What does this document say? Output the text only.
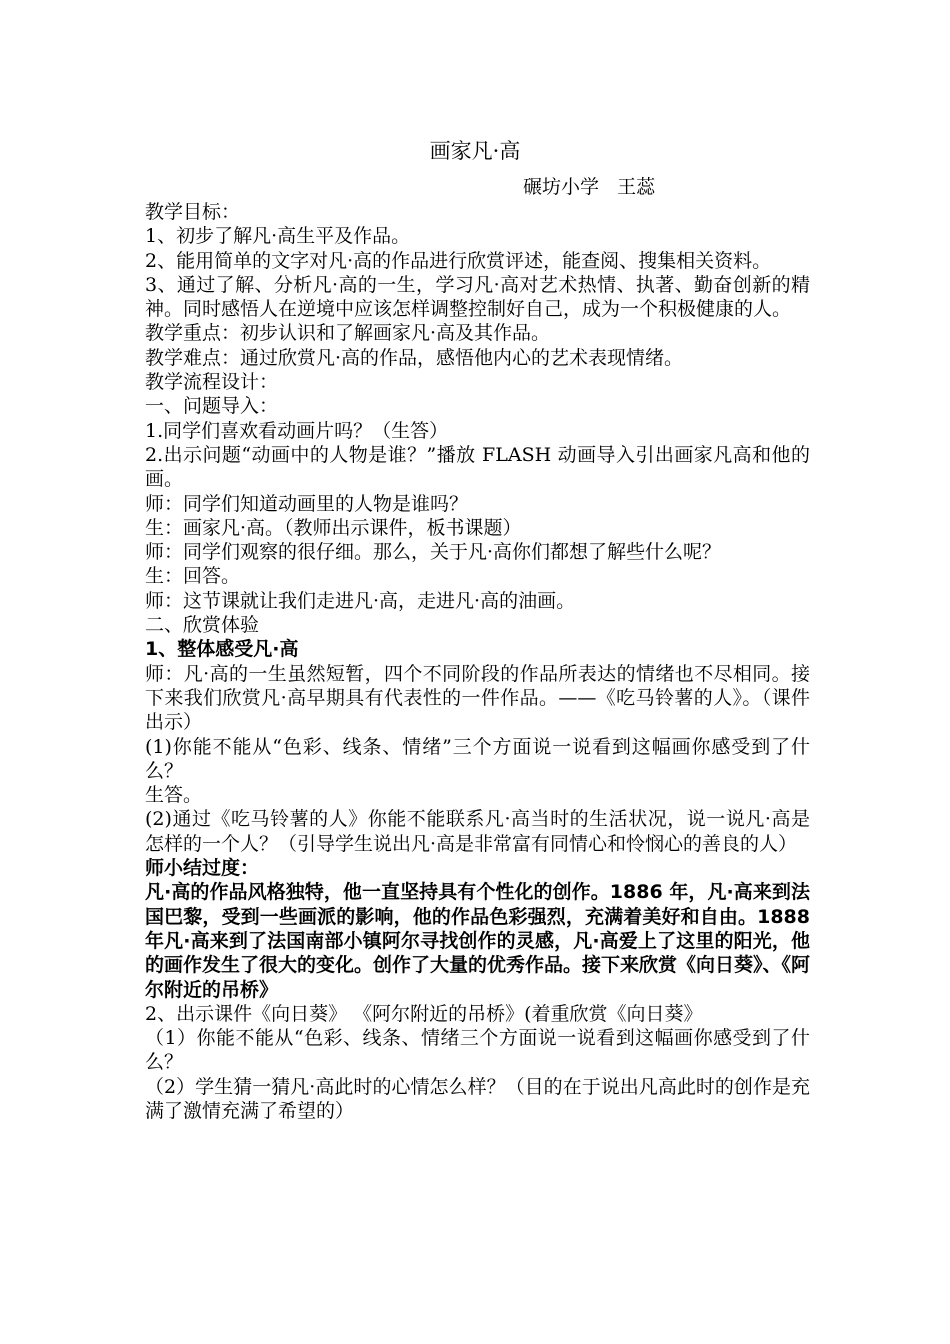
画家凡·高
碾坊小学   王蕊

教学目标：

1、初步了解凡·高生平及作品。

2、能用简单的文字对凡·高的作品进行欣赏评述，能查阅、搜集相关资料。

3、通过了解、分析凡·高的一生，学习凡·高对艺术热情、执著、勤奋创新的精神。同时感悟人在逆境中应该怎样调整控制好自己，成为一个积极健康的人。

教学重点：初步认识和了解画家凡·高及其作品。

教学难点：通过欣赏凡·高的作品，感悟他内心的艺术表现情绪。

教学流程设计：

一、问题导入：

1.同学们喜欢看动画片吗？（生答）

2.出示问题“动画中的人物是谁？”播放 FLASH 动画导入引出画家凡高和他的画。

师：同学们知道动画里的人物是谁吗？

生：画家凡·高。（教师出示课件，板书课题）

师：同学们观察的很仔细。那么，关于凡·高你们都想了解些什么呢？

生：回答。

师：这节课就让我们走进凡·高，走进凡·高的油画。

二、欣赏体验

1、整体感受凡·高

师：凡·高的一生虽然短暂，四个不同阶段的作品所表达的情绪也不尽相同。接下来我们欣赏凡·高早期具有代表性的一件作品。——《吃马铃薯的人》。（课件出示）

(1)你能不能从“色彩、线条、情绪”三个方面说一说看到这幅画你感受到了什么？

生答。

(2)通过《吃马铃薯的人》你能不能联系凡·高当时的生活状况，说一说凡·高是怎样的一个人？（引导学生说出凡·高是非常富有同情心和怜悯心的善良的人）

师小结过度：

凡·高的作品风格独特，他一直坚持具有个性化的创作。1886 年，凡·高来到法国巴黎，受到一些画派的影响，他的作品色彩强烈，充满着美好和自由。1888 年凡·高来到了法国南部小镇阿尔寻找创作的灵感，凡·高爱上了这里的阳光，他的画作发生了很大的变化。创作了大量的优秀作品。接下来欣赏《向日葵》、《阿尔附近的吊桥》

2、出示课件《向日葵》 《阿尔附近的吊桥》(着重欣赏《向日葵》

（1）你能不能从“色彩、线条、情绪三个方面说一说看到这幅画你感受到了什么？

（2）学生猜一猜凡·高此时的心情怎么样？（目的在于说出凡高此时的创作是充满了激情充满了希望的）
